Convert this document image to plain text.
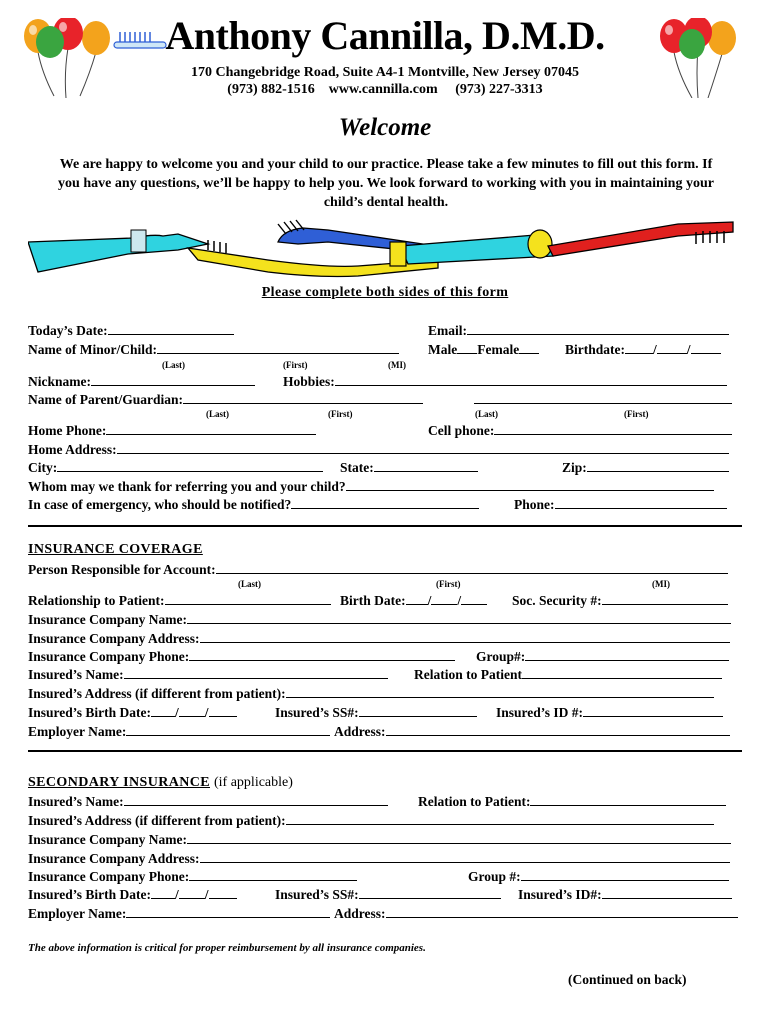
Anthony Cannilla, D.M.D.
170 Changebridge Road, Suite A4-1 Montville, New Jersey 07045
(973) 882-1516 www.cannilla.com (973) 227-3313
Welcome
We are happy to welcome you and your child to our practice. Please take a few minutes to fill out this form. If
you have any questions, we’ll be happy to help you. We look forward to working with you in maintaining your
child’s dental health.
Please complete both sides of this form
Today’s Date:	Email:
Name of Minor/Child:	Male Female	Birthdate: / /
(Last)	(First)	(MI)
Nickname:	Hobbies:
Name of Parent/Guardian:
(Last)	(First)	(Last)	(First)
Home Phone:	Cell phone:
Home Address:
City:	State:	Zip:
Whom may we thank for referring you and your child?
In case of emergency, who should be notified?	Phone:
INSURANCE COVERAGE
Person Responsible for Account:
(Last)	(First)	(MI)
Relationship to Patient:	Birth Date: / /	Soc. Security #:
Insurance Company Name:
Insurance Company Address:
Insurance Company Phone:	Group#:
Insured’s Name:	Relation to Patient
Insured’s Address (if different from patient):
Insured’s Birth Date: / /	Insured’s SS#:	Insured’s ID #:
Employer Name:	Address:
SECONDARY INSURANCE (if applicable)
Insured’s Name:	Relation to Patient:
Insured’s Address (if different from patient):
Insurance Company Name:
Insurance Company Address:
Insurance Company Phone:	Group #:
Insured’s Birth Date: / /	Insured’s SS#:	Insured’s ID#:
Employer Name:	Address:
The above information is critical for proper reimbursement by all insurance companies.
(Continued on back)
